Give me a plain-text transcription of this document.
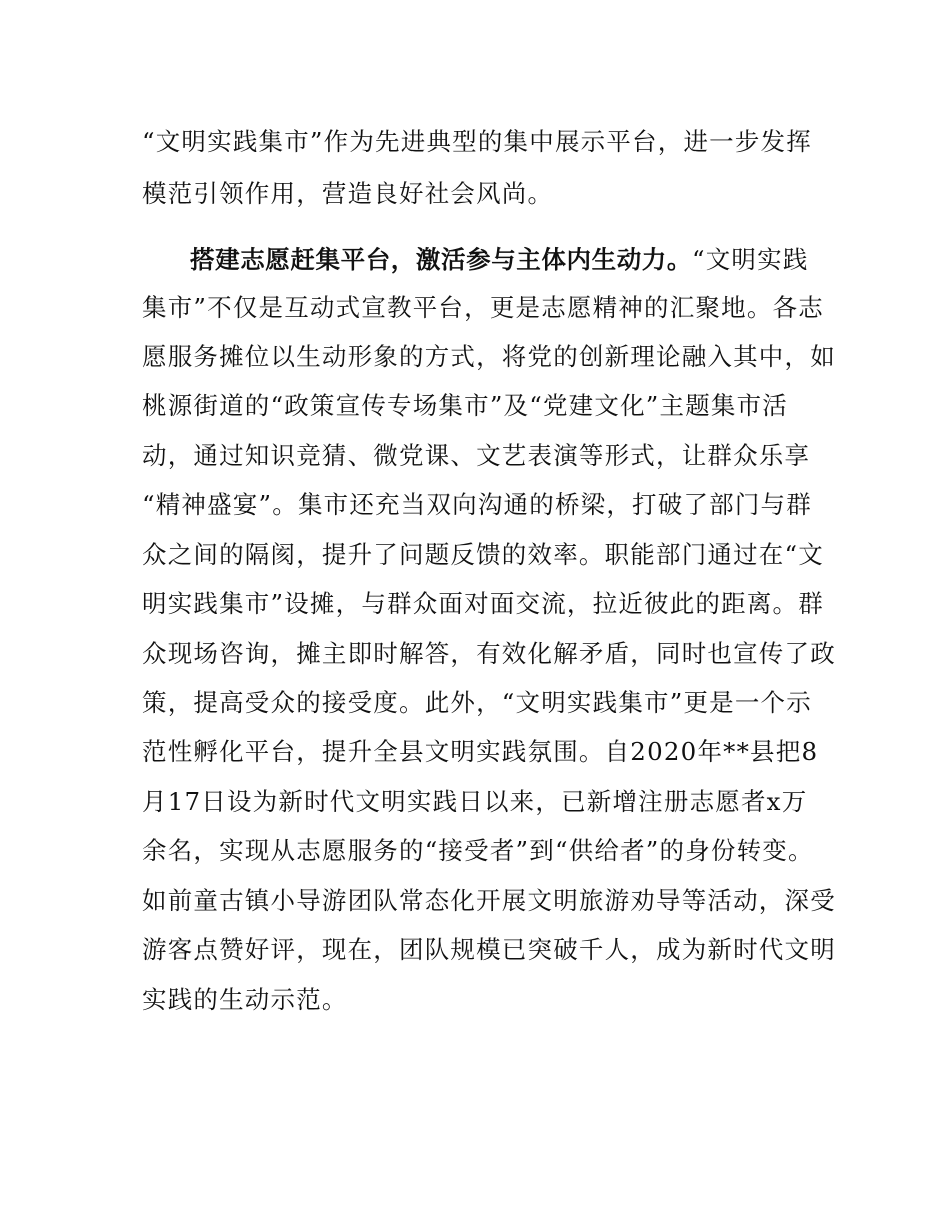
“文明实践集市”作为先进典型的集中展示平台，进一步发挥
模范引领作用，营造良好社会风尚。
搭建志愿赶集平台，激活参与主体内生动力。“文明实践
集市”不仅是互动式宣教平台，更是志愿精神的汇聚地。各志
愿服务摊位以生动形象的方式，将党的创新理论融入其中，如
桃源街道的“政策宣传专场集市”及“党建文化”主题集市活
动，通过知识竞猜、微党课、文艺表演等形式，让群众乐享
“精神盛宴”。集市还充当双向沟通的桥梁，打破了部门与群
众之间的隔阂，提升了问题反馈的效率。职能部门通过在“文
明实践集市”设摊，与群众面对面交流，拉近彼此的距离。群
众现场咨询，摊主即时解答，有效化解矛盾，同时也宣传了政
策，提高受众的接受度。此外，“文明实践集市”更是一个示
范性孵化平台，提升全县文明实践氛围。自2020年**县把8
月17日设为新时代文明实践日以来，已新增注册志愿者x万
余名，实现从志愿服务的“接受者”到“供给者”的身份转变。
如前童古镇小导游团队常态化开展文明旅游劝导等活动，深受
游客点赞好评，现在，团队规模已突破千人，成为新时代文明
实践的生动示范。
